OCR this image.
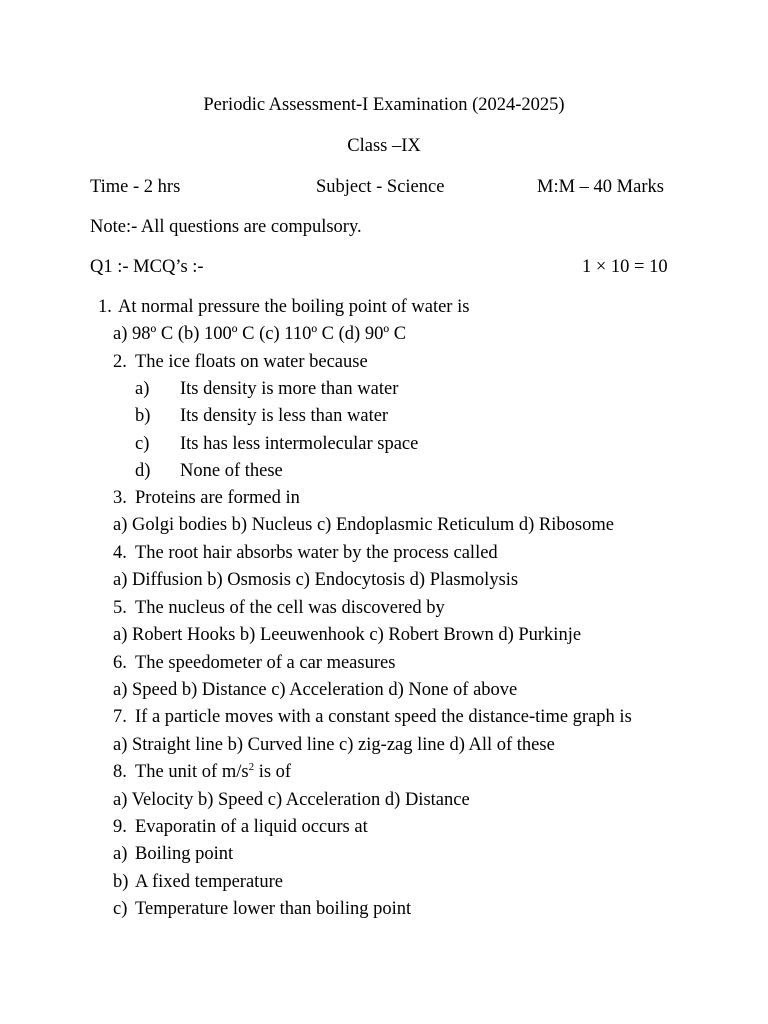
Periodic Assessment-I Examination (2024-2025)
Class –IX
Time - 2 hrs	Subject - Science	M:M – 40 Marks
Note:- All questions are compulsory.
Q1 :- MCQ’s :-	1 × 10 = 10
1. At normal pressure the boiling point of water is
a) 98º C (b) 100º C (c) 110º C (d) 90º C
2. The ice floats on water because
a) Its density is more than water
b) Its density is less than water
c) Its has less intermolecular space
d) None of these
3. Proteins are formed in
a) Golgi bodies b) Nucleus c) Endoplasmic Reticulum d) Ribosome
4. The root hair absorbs water by the process called
a) Diffusion b) Osmosis c) Endocytosis d) Plasmolysis
5. The nucleus of the cell was discovered by
a) Robert Hooks b) Leeuwenhook c) Robert Brown d) Purkinje
6. The speedometer of a car measures
a) Speed b) Distance c) Acceleration d) None of above
7. If a particle moves with a constant speed the distance-time graph is
a) Straight line b) Curved line c) zig-zag line d) All of these
8. The unit of $m/s^2$ is of
a) Velocity b) Speed c) Acceleration d) Distance
9. Evaporatin of a liquid occurs at
a) Boiling point
b) A fixed temperature
c) Temperature lower than boiling point
